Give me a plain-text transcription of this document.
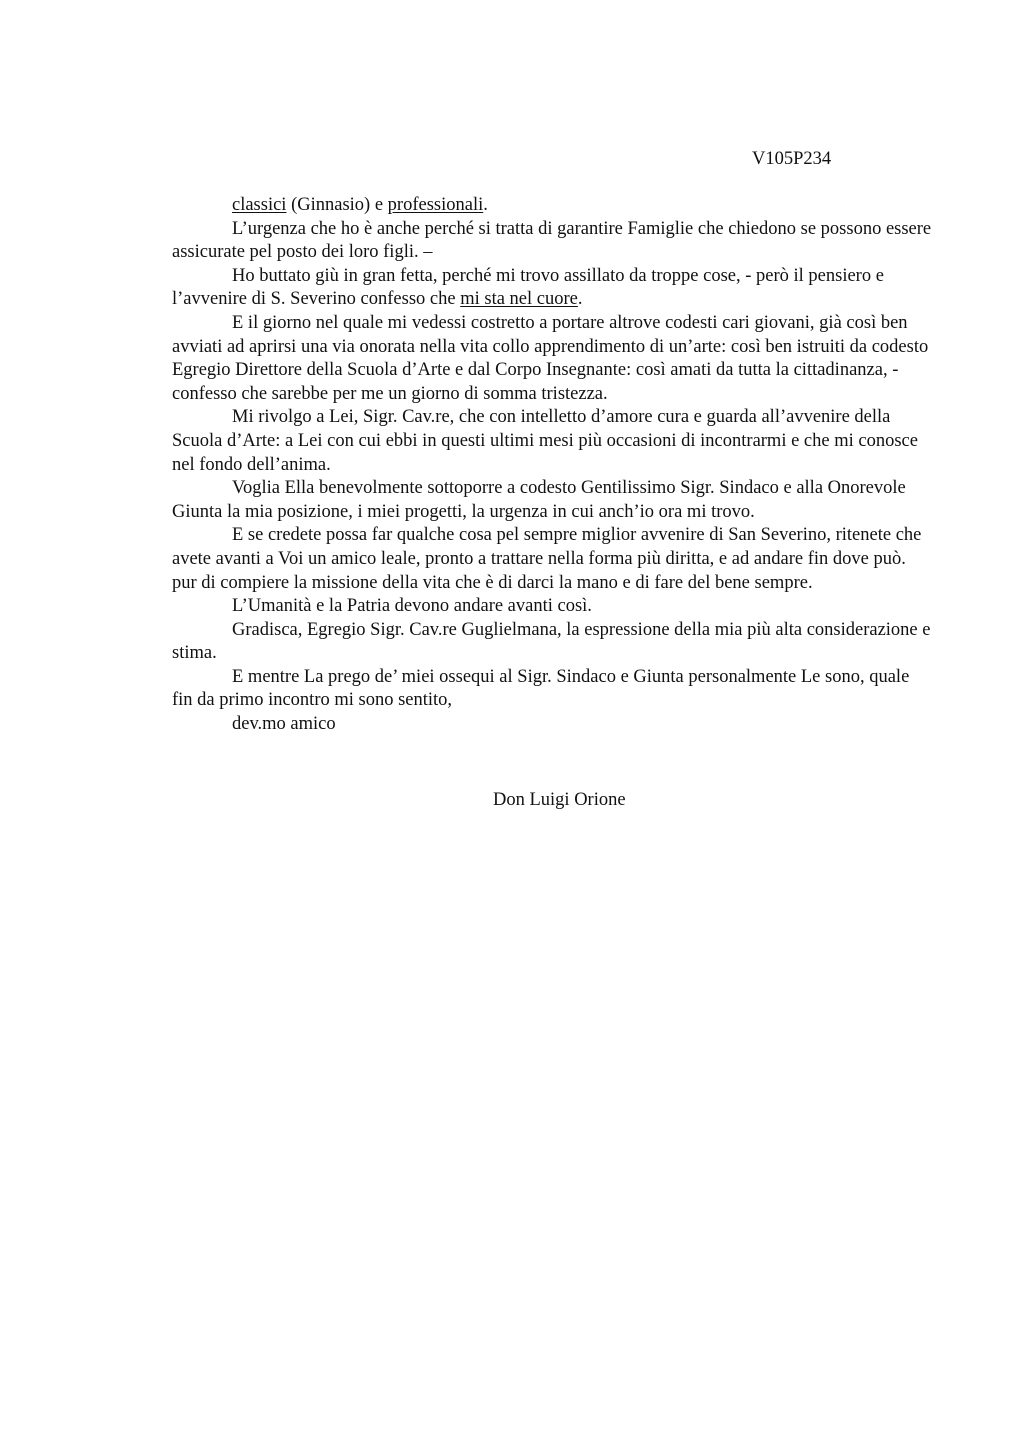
V105P234

classici (Ginnasio) e professionali.

L’urgenza che ho è anche perché si tratta di garantire Famiglie che chiedono se possono essere assicurate pel posto dei loro figli. –

Ho buttato giù in gran fetta, perché mi trovo assillato da troppe cose, - però il pensiero e l’avvenire di S. Severino confesso che mi sta nel cuore.

E il giorno nel quale mi vedessi costretto a portare altrove codesti cari giovani, già così ben avviati ad aprirsi una via onorata nella vita collo apprendimento di un’arte: così ben istruiti da codesto Egregio Direttore della Scuola d’Arte e dal Corpo Insegnante: così amati da tutta la cittadinanza, - confesso che sarebbe per me un giorno di somma tristezza.

Mi rivolgo a Lei, Sigr. Cav.re, che con intelletto d’amore cura e guarda all’avvenire della Scuola d’Arte: a Lei con cui ebbi in questi ultimi mesi più occasioni di incontrarmi e che mi conosce nel fondo dell’anima.

Voglia Ella benevolmente sottoporre a codesto Gentilissimo Sigr. Sindaco e alla Onorevole Giunta la mia posizione, i miei progetti, la urgenza in cui anch’io ora mi trovo.

E se credete possa far qualche cosa pel sempre miglior avvenire di San Severino, ritenete che avete avanti a Voi un amico leale, pronto a trattare nella forma più diritta, e ad andare fin dove può. pur di compiere la missione della vita che è di darci la mano e di fare del bene sempre.

L’Umanità e la Patria devono andare avanti così.

Gradisca, Egregio Sigr. Cav.re Guglielmana, la espressione della mia più alta considerazione e stima.

E mentre La prego de’ miei ossequi al Sigr. Sindaco e Giunta personalmente Le sono, quale fin da primo incontro mi sono sentito,

dev.mo amico

Don Luigi Orione
